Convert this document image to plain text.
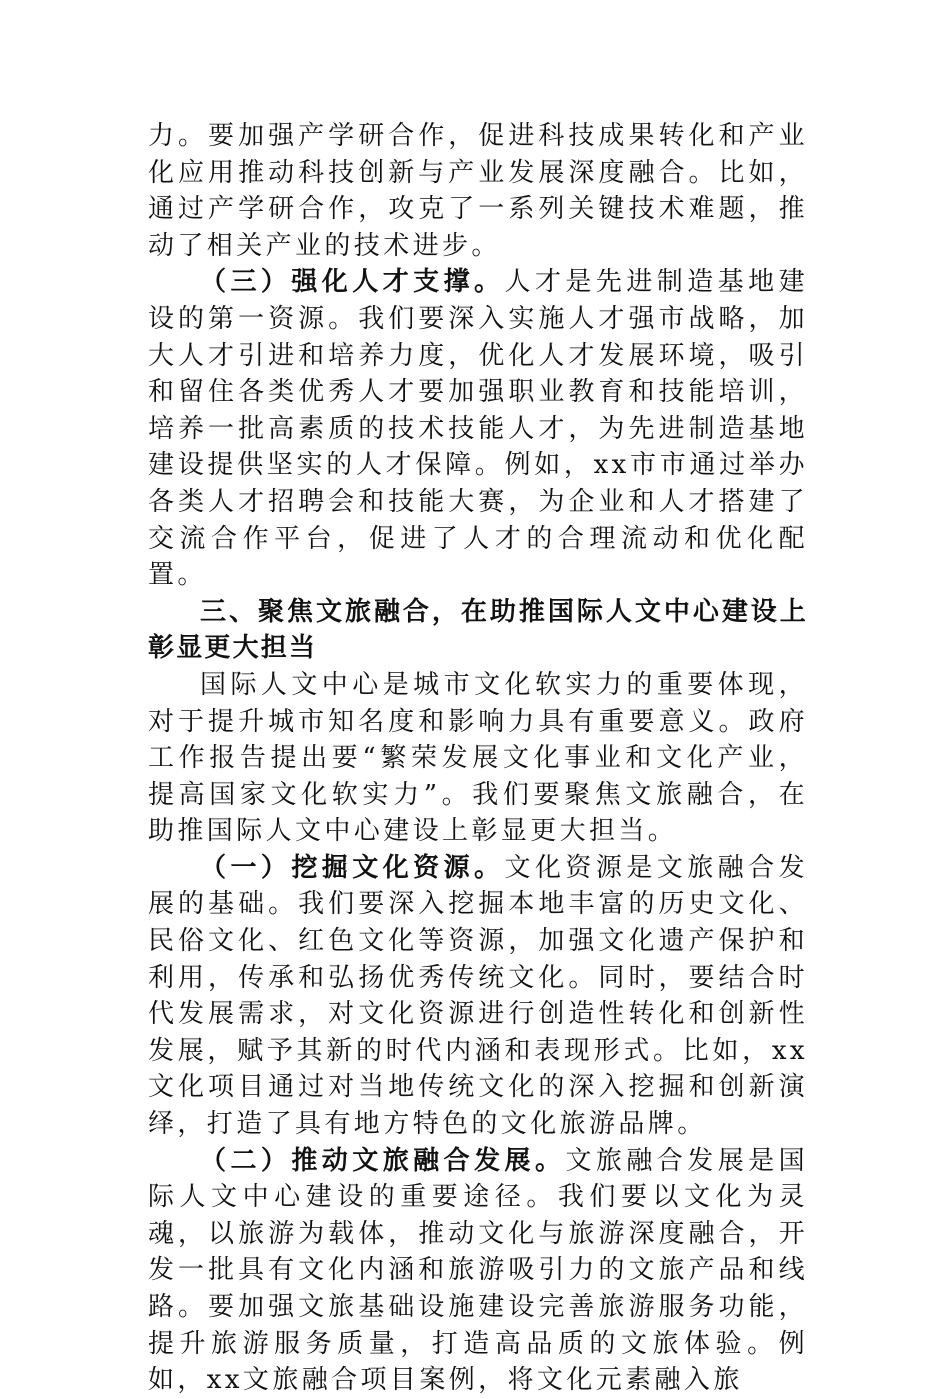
力。要加强产学研合作，促进科技成果转化和产业化应用推动科技创新与产业发展深度融合。比如，通过产学研合作，攻克了一系列关键技术难题，推动了相关产业的技术进步。

（三）强化人才支撑。人才是先进制造基地建设的第一资源。我们要深入实施人才强市战略，加大人才引进和培养力度，优化人才发展环境，吸引和留住各类优秀人才要加强职业教育和技能培训，培养一批高素质的技术技能人才，为先进制造基地建设提供坚实的人才保障。例如，xx市市通过举办各类人才招聘会和技能大赛，为企业和人才搭建了交流合作平台，促进了人才的合理流动和优化配置。

三、聚焦文旅融合，在助推国际人文中心建设上彰显更大担当

国际人文中心是城市文化软实力的重要体现，对于提升城市知名度和影响力具有重要意义。政府工作报告提出要“繁荣发展文化事业和文化产业，提高国家文化软实力”。我们要聚焦文旅融合，在助推国际人文中心建设上彰显更大担当。

（一）挖掘文化资源。文化资源是文旅融合发展的基础。我们要深入挖掘本地丰富的历史文化、民俗文化、红色文化等资源，加强文化遗产保护和利用，传承和弘扬优秀传统文化。同时，要结合时代发展需求，对文化资源进行创造性转化和创新性发展，赋予其新的时代内涵和表现形式。比如，xx文化项目通过对当地传统文化的深入挖掘和创新演绎，打造了具有地方特色的文化旅游品牌。

（二）推动文旅融合发展。文旅融合发展是国际人文中心建设的重要途径。我们要以文化为灵魂，以旅游为载体，推动文化与旅游深度融合，开发一批具有文化内涵和旅游吸引力的文旅产品和线路。要加强文旅基础设施建设完善旅游服务功能，提升旅游服务质量，打造高品质的文旅体验。例如，xx文旅融合项目案例，将文化元素融入旅
